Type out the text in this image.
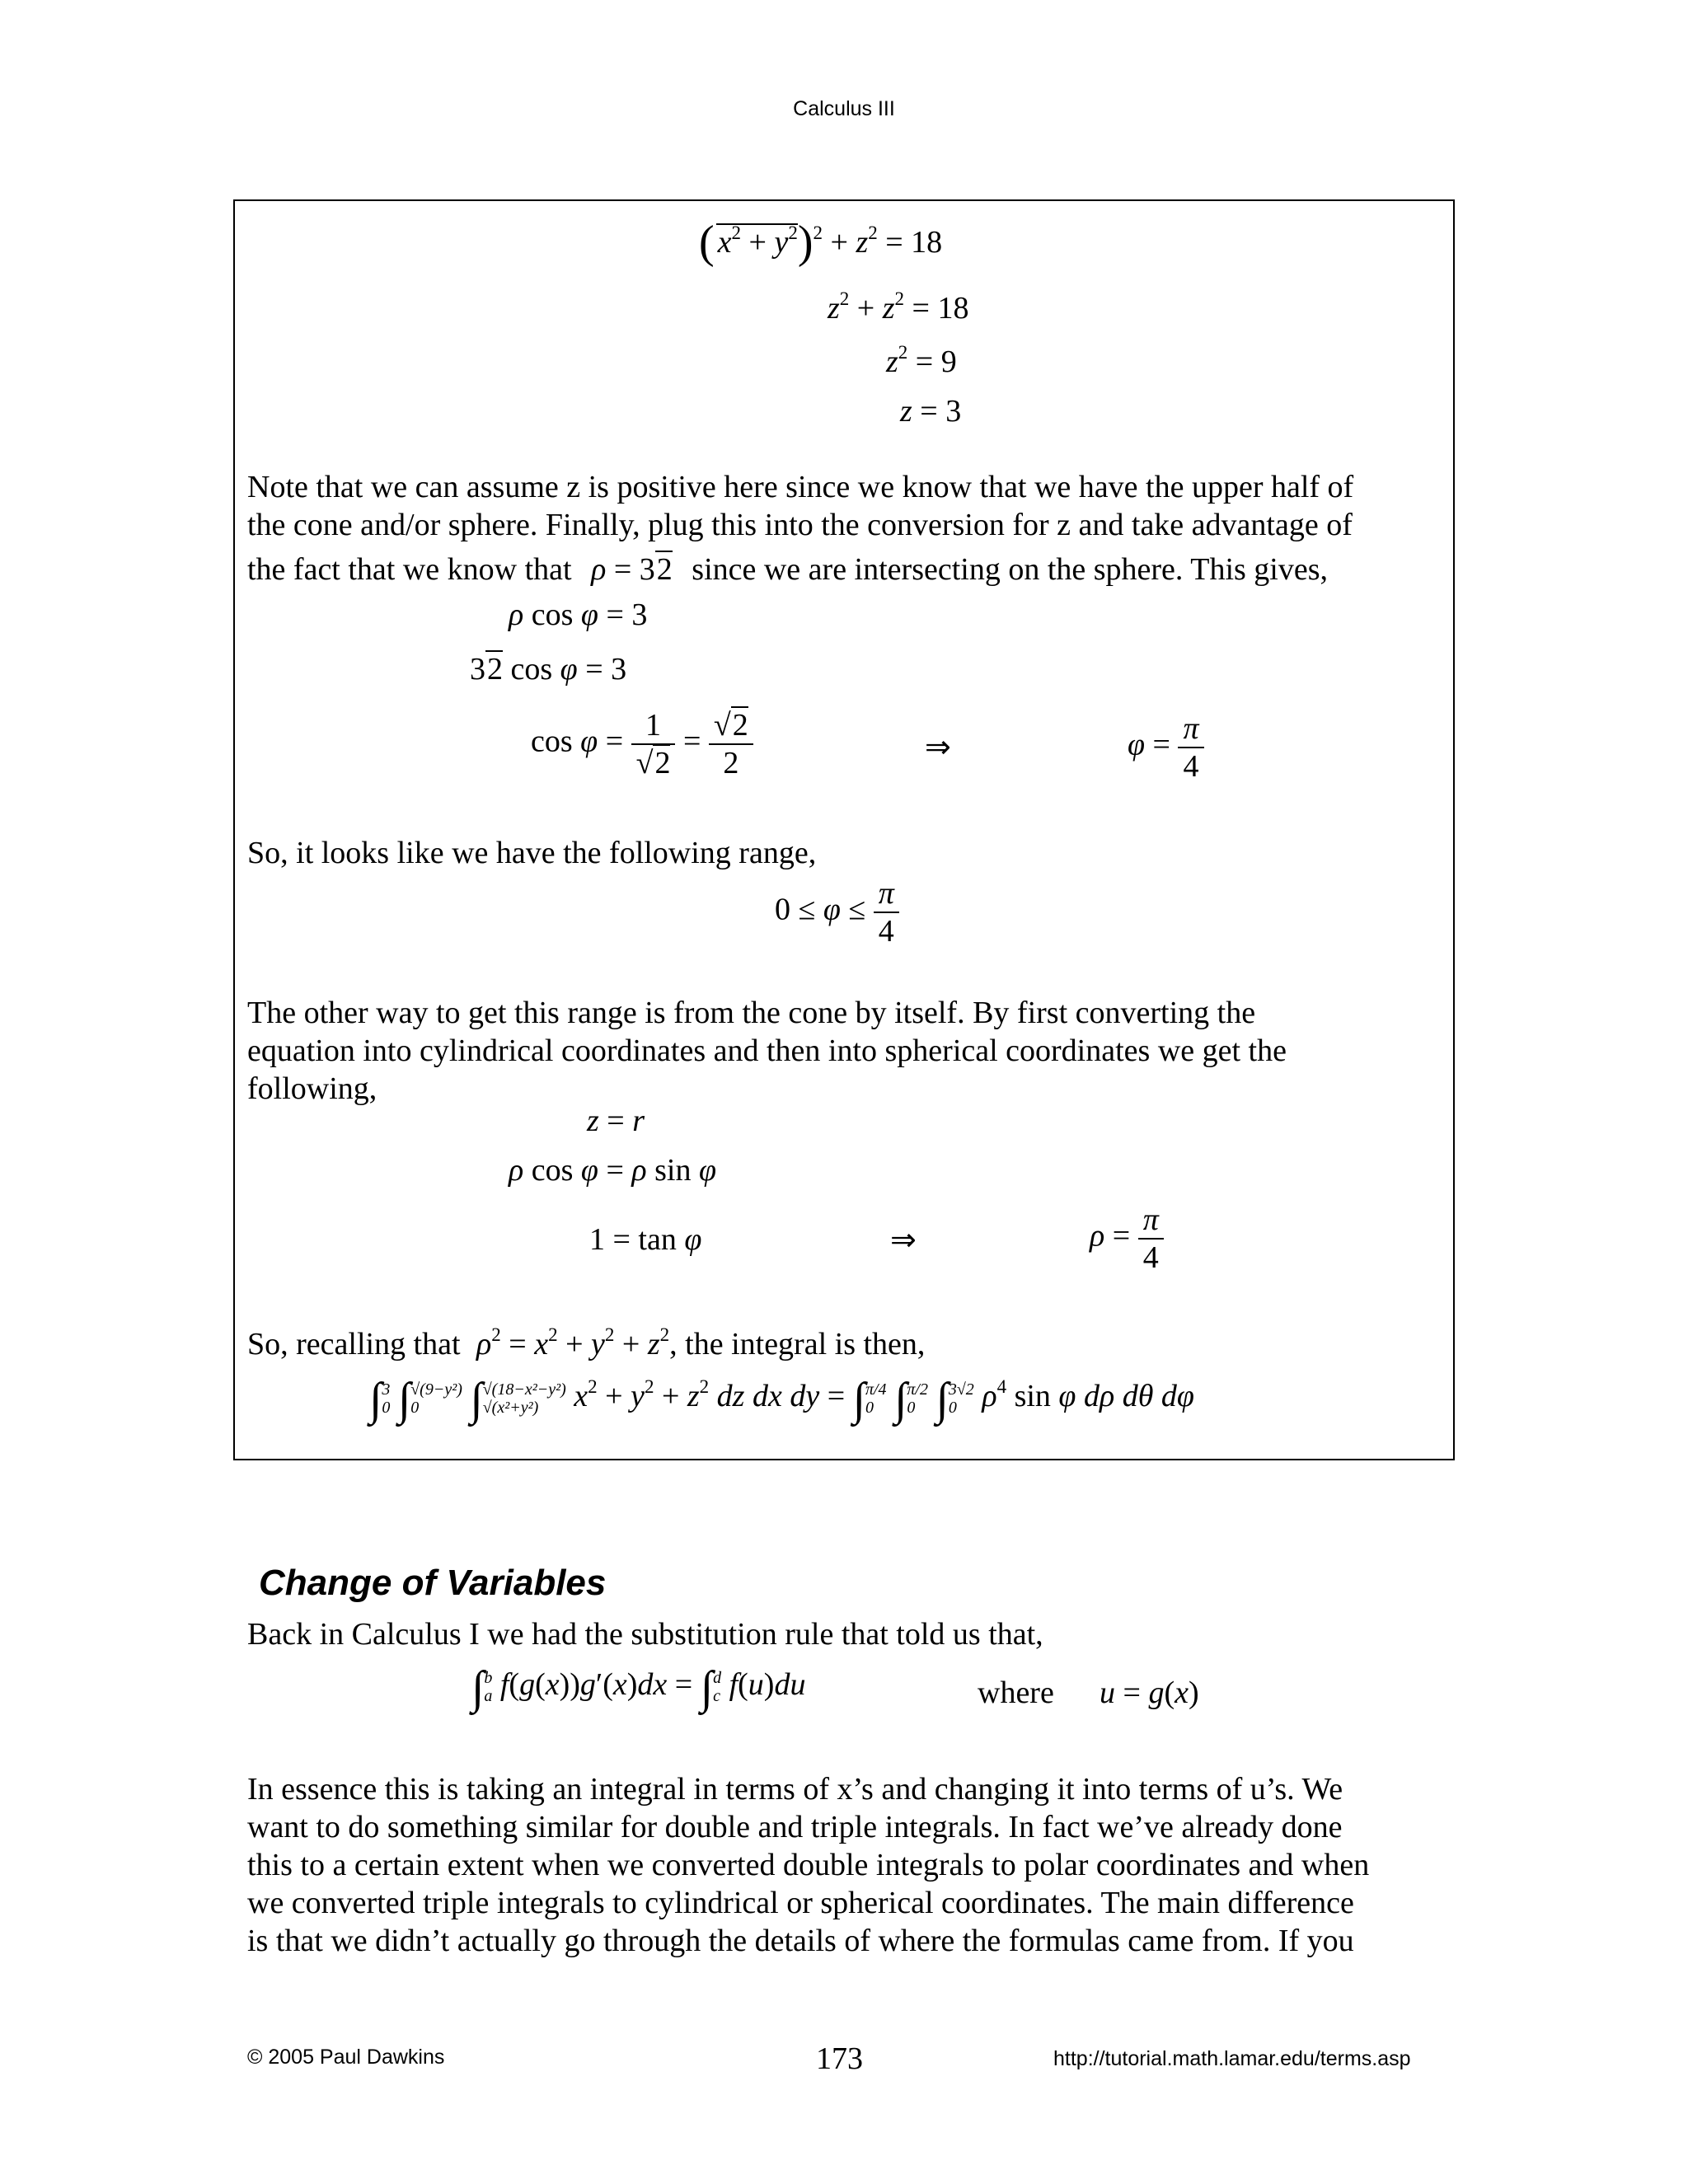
Calculus III
( $x^2 + y^2)^2 + z^2 = 18$
$z^2 + z^2 = 18$
$z^2 = 9$
z = 3
Note that we can assume z is positive here since we know that we have the upper half of
the cone and/or sphere. Finally, plug this into the conversion for z and take advantage of
the fact that we know that ρ = 32 since we are intersecting on the sphere. This gives,
ρ cos φ = 3
32 cos φ = 3
$\cos \varphi = \frac{1}{√2} = \frac{√2}{2}$	⇒	$\varphi = \frac{\pi}{4}$
So, it looks like we have the following range,
$0 \le \varphi \le \frac{\pi}{4}$
The other way to get this range is from the cone by itself. By first converting the
equation into cylindrical coordinates and then into spherical coordinates we get the
following,
z = r
ρ cos φ = ρ sin φ
1 = tan φ	⇒	$\rho = \frac{\pi}{4}$
So, recalling that $\rho^2 = x^2 + y^2 + z^2$, the integral is then,
∫ 3
0 ∫ √(9−y²)
0	∫ √(18−x²−y²)
√(x²+y²)	$x^2 + y^2 + z^2$ dz dx dy = ∫ π/4
0 ∫ π/2
0 ∫ 3√2
0 $\rho^4$ sin φ dρ dθ dφ
Change of Variables
Back in Calculus I we had the substitution rule that told us that,
∫ b
a f(g(x))g′(x)dx = ∫ d
c f(u)du	where u = g(x)
In essence this is taking an integral in terms of x’s and changing it into terms of u’s. We
want to do something similar for double and triple integrals. In fact we’ve already done
this to a certain extent when we converted double integrals to polar coordinates and when
we converted triple integrals to cylindrical or spherical coordinates. The main difference
is that we didn’t actually go through the details of where the formulas came from. If you
© 2005 Paul Dawkins	173	http://tutorial.math.lamar.edu/terms.asp
